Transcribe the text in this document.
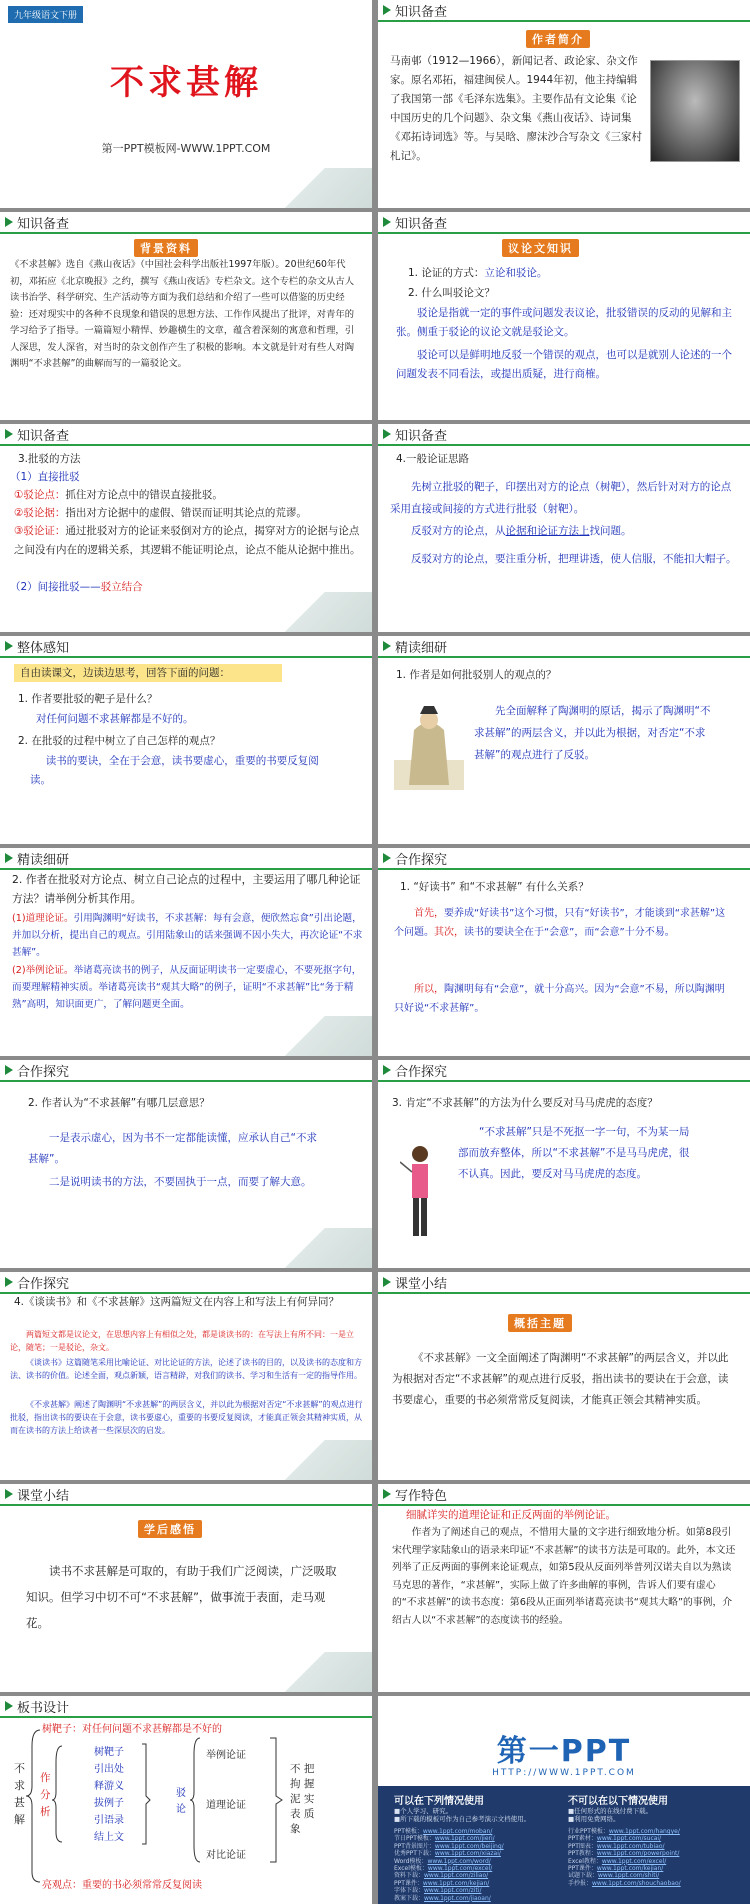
九年级语文下册
不求甚解
第一PPT模板网-WWW.1PPT.COM
知识备查
作者简介
马南邨（1912—1966），新闻记者、政论家、杂文作家。原名邓拓，福建闽侯人。1944年初，他主持编辑了我国第一部《毛泽东选集》。主要作品有文论集《论中国历史的几个问题》、杂文集《燕山夜话》、诗词集《邓拓诗词选》等。与吴晗、廖沫沙合写杂文《三家村札记》。
知识备查
背景资料
《不求甚解》选自《燕山夜话》（中国社会科学出版社1997年版）。20世纪60年代初，邓拓应《北京晚报》之约，撰写《燕山夜话》专栏杂文。这个专栏的杂文从古人读书治学、科学研究、生产活动等方面为我们总结和介绍了一些可以借鉴的历史经验：还对现实中的各种不良现象和错误的思想方法、工作作风提出了批评，对青年的学习给予了指导。一篇篇短小精悍、妙趣横生的文章，蕴含着深刻的寓意和哲理，引人深思，发人深省，对当时的杂文创作产生了积极的影响。本文就是针对有些人对陶渊明“不求甚解”的曲解而写的一篇驳论文。
知识备查
议论文知识
1. 论证的方式：立论和驳论。
2. 什么叫驳论文？
驳论是指就一定的事件或问题发表议论，批驳错误的反动的见解和主张。侧重于驳论的议论文就是驳论文。
驳论可以是鲜明地反驳一个错误的观点，也可以是就别人论述的一个问题发表不同看法，或提出质疑，进行商榷。
知识备查
3.批驳的方法
（1）直接批驳
①驳论点：抓住对方论点中的错误直接批驳。
②驳论据：指出对方论据中的虚假、错误而证明其论点的荒谬。
③驳论证：通过批驳对方的论证来驳倒对方的论点，揭穿对方的论据与论点之间没有内在的逻辑关系，其逻辑不能证明论点，论点不能从论据中推出。
（2）间接批驳——驳立结合
知识备查
4.一般论证思路
先树立批驳的靶子，印摆出对方的论点（树靶），然后针对对方的论点采用直接或间接的方式进行批驳（射靶）。
反驳对方的论点，从论据和论证方法上找问题。
反驳对方的论点，要注重分析，把理讲透，使人信服，不能扣大帽子。
整体感知
自由读课文，边读边思考，回答下面的问题：
1. 作者要批驳的靶子是什么？
对任何问题不求甚解都是不好的。
2. 在批驳的过程中树立了自己怎样的观点？
读书的要诀，全在于会意，读书要虚心，重要的书要反复阅读。
精读细研
1. 作者是如何批驳别人的观点的？
先全面解释了陶渊明的原话，揭示了陶渊明“不求甚解”的两层含义，并以此为根据，对否定“不求甚解”的观点进行了反驳。
精读细研
2. 作者在批驳对方论点、树立自己论点的过程中，主要运用了哪几种论证方法？请举例分析其作用。
(1)道理论证。引用陶渊明“好读书，不求甚解：每有会意，便欣然忘食”引出论题，并加以分析，提出自己的观点。引用陆象山的话来强调不因小失大，再次论证“不求甚解”。
(2)举例论证。举诸葛亮读书的例子，从反面证明读书一定要虚心，不要死抠字句，而要理解精神实质。举诸葛亮读书“观其大略”的例子，证明“不求甚解”比“务于精熟”高明，知识面更广，了解问题更全面。
合作探究
1. “好读书” 和“不求甚解” 有什么关系？
首先，要养成“好读书”这个习惯，只有“好读书”，才能谈到“求甚解”这个问题。其次，读书的要诀全在于“会意”，而“会意”十分不易。
所以，陶渊明每有“会意”，就十分高兴。因为“会意”不易，所以陶渊明只好说“不求甚解”。
合作探究
2. 作者认为“不求甚解”有哪几层意思？
一是表示虚心，因为书不一定都能读懂，应承认自己“不求甚解”。
二是说明读书的方法，不要固执于一点，而要了解大意。
合作探究
3. 肯定“不求甚解”的方法为什么要反对马马虎虎的态度？
“不求甚解”只是不死抠一字一句，不为某一局部而放弃整体，所以“不求甚解”不是马马虎虎，很不认真。因此，要反对马马虎虎的态度。
合作探究
4.《谈读书》和《不求甚解》这两篇短文在内容上和写法上有何异同？
两篇短文都是议论文，在思想内容上有相似之处，都是谈读书的：在写法上有所不同：一是立论，随笔；一是驳论，杂文。
《谈读书》这篇随笔采用比喻论证、对比论证的方法，论述了读书的目的，以及读书的态度和方法、读书的价值。论述全面，观点新颖，语言精辟，对我们的读书、学习和生活有一定的指导作用。
《不求甚解》阐述了陶渊明“不求甚解”的两层含义，并以此为根据对否定“不求甚解”的观点进行批驳，指出读书的要诀在于会意，读书要虚心，重要的书要反复阅读，才能真正领会其精神实质，从而在读书的方法上给读者一些深层次的启发。
课堂小结
概括主题
《不求甚解》一文全面阐述了陶渊明“不求甚解”的两层含义，并以此为根据对否定“不求甚解”的观点进行反驳，指出读书的要诀在于会意，读书要虚心，重要的书必须常常反复阅读，才能真正领会其精神实质。
课堂小结
学后感悟
读书不求甚解是可取的，有助于我们广泛阅读，广泛吸取知识。但学习中切不可“不求甚解”，做事流于表面，走马观花。
写作特色
细腻详实的道理论证和正反两面的举例论证。
作者为了阐述自己的观点，不惜用大量的文字进行细致地分析。如第8段引宋代理学家陆象山的语录来印证“不求甚解”的读书方法是可取的。此外，本文还列举了正反两面的事例来论证观点，如第5段从反面列举普列汉诺夫自以为熟读马克思的著作，“求甚解”，实际上做了许多曲解的事例，告诉人们要有虚心的“不求甚解”的读书态度：第6段从正面列举诸葛亮读书“观其大略”的事例，介绍古人以“不求甚解”的态度读书的经验。
板书设计
不求甚解
树靶子：对任何问题不求甚解都是不好的
作分析
树靶子
引出处
释游义
拔例子
引语录
结上文
驳论
举例论证
道理论证
对比论证
不 把
拘 握
泥 实
表 质
象
亮观点：重要的书必须常常反复阅读
第一PPT
HTTP://WWW.1PPT.COM
可以在下列情况使用
■个人学习、研究。
■所下载的模板可作为自己参考演示文档使用。
不可以在以下情况使用
■任何形式的在线付费下载。
■利用免费网络。
PPT模板：www.1ppt.com/moban/
节日PPT模板：www.1ppt.com/jieri/
PPT背景图片：www.1ppt.com/beijing/
优秀PPT下载：www.1ppt.com/xiazai/
Word模板：www.1ppt.com/word/
Excel模板：www.1ppt.com/excel/
资料下载：www.1ppt.com/ziliao/
PPT课件：www.1ppt.com/kejian/
字体下载：www.1ppt.com/ziti/
教案下载：www.1ppt.com/jiaoan/
行业PPT模板：www.1ppt.com/hangye/
PPT素材：www.1ppt.com/sucai/
PPT图表：www.1ppt.com/tubiao/
PPT教程：www.1ppt.com/powerpoint/
Excel教程：www.1ppt.com/excel/
PPT课件：www.1ppt.com/kejian/
试题下载：www.1ppt.com/shiti/
手抄报：www.1ppt.com/shouchaobao/
